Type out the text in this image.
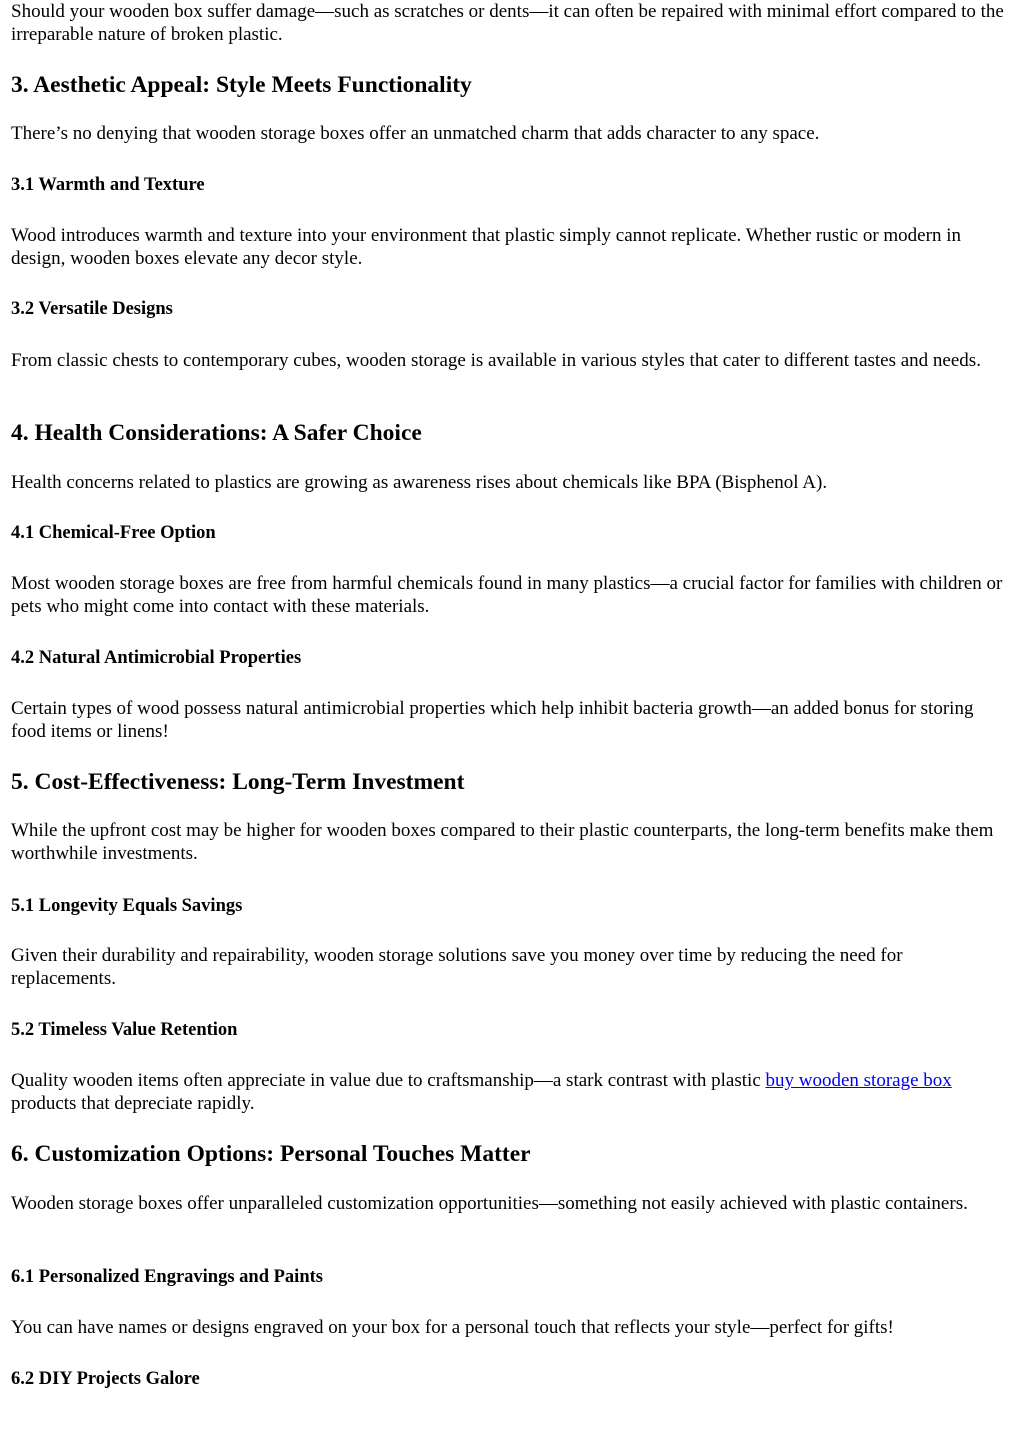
Should your wooden box suffer damage—such as scratches or dents—it can often be repaired with minimal effort compared to the irreparable nature of broken plastic.

3. Aesthetic Appeal: Style Meets Functionality

There’s no denying that wooden storage boxes offer an unmatched charm that adds character to any space.

3.1 Warmth and Texture

Wood introduces warmth and texture into your environment that plastic simply cannot replicate. Whether rustic or modern in design, wooden boxes elevate any decor style.

3.2 Versatile Designs

From classic chests to contemporary cubes, wooden storage is available in various styles that cater to different tastes and needs.

4. Health Considerations: A Safer Choice

Health concerns related to plastics are growing as awareness rises about chemicals like BPA (Bisphenol A).

4.1 Chemical-Free Option

Most wooden storage boxes are free from harmful chemicals found in many plastics—a crucial factor for families with children or pets who might come into contact with these materials.

4.2 Natural Antimicrobial Properties

Certain types of wood possess natural antimicrobial properties which help inhibit bacteria growth—an added bonus for storing food items or linens!

5. Cost-Effectiveness: Long-Term Investment

While the upfront cost may be higher for wooden boxes compared to their plastic counterparts, the long-term benefits make them worthwhile investments.

5.1 Longevity Equals Savings

Given their durability and repairability, wooden storage solutions save you money over time by reducing the need for replacements.

5.2 Timeless Value Retention

Quality wooden items often appreciate in value due to craftsmanship—a stark contrast with plastic buy wooden storage box products that depreciate rapidly.

6. Customization Options: Personal Touches Matter

Wooden storage boxes offer unparalleled customization opportunities—something not easily achieved with plastic containers.

6.1 Personalized Engravings and Paints

You can have names or designs engraved on your box for a personal touch that reflects your style—perfect for gifts!

6.2 DIY Projects Galore
